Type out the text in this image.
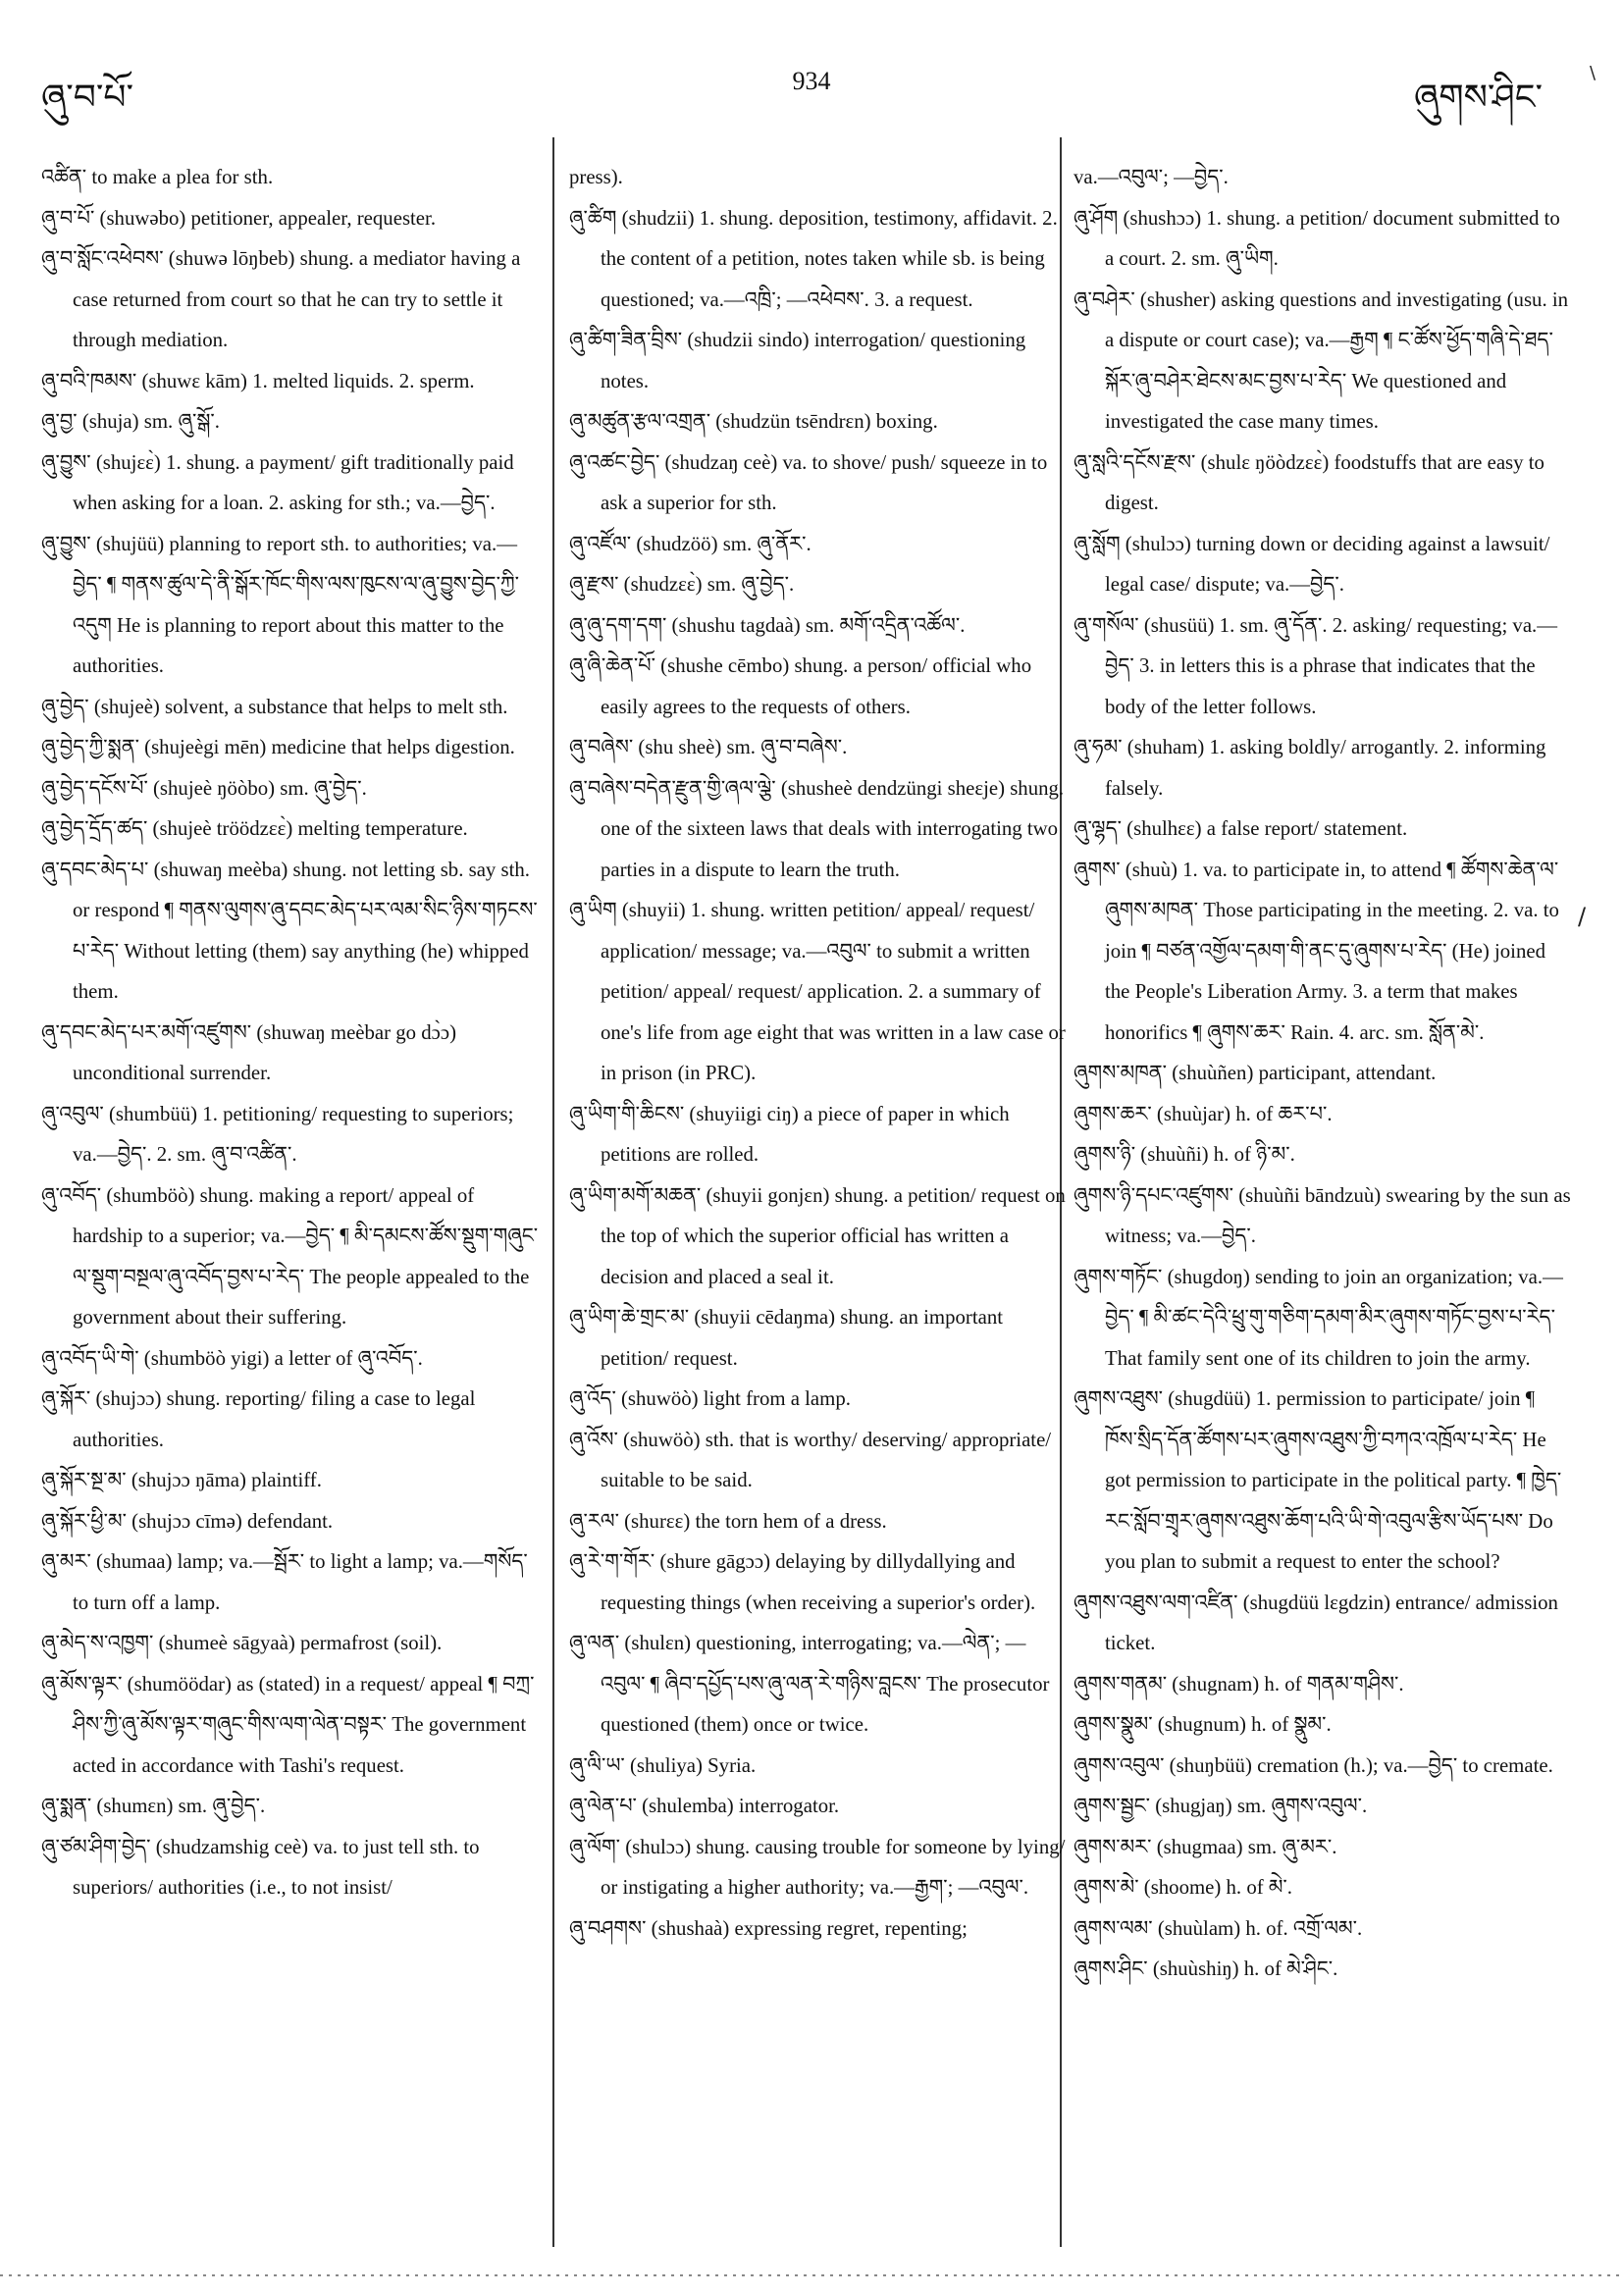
ཞུ་བ་པོ་	934	ཞུགས་ཤིང་
\

འཚིན་ to make a plea for sth.

ཞུ་བ་པོ་ (shuwəbo) petitioner, appealer, requester.

ཞུ་བ་སློང་འཕེབས་ (shuwə lōŋbeb) shung. a mediator having a case returned from court so that he can try to settle it through mediation.

ཞུ་བའི་ཁམས་ (shuwɛ kām) 1. melted liquids. 2. sperm.

ཞུ་བྱ་ (shuja) sm. ཞུ་སྒོ་.

ཞུ་བྱུས་ (shujɛɛ̀) 1. shung. a payment/ gift traditionally paid when asking for a loan. 2. asking for sth.; va.—བྱེད་.

ཞུ་བྱུས་ (shujüü) planning to report sth. to authorities; va.—བྱེད་ ¶ གནས་ཚུལ་དེ་ནི་སྒོར་ཁོང་གིས་ལས་ཁུངས་ལ་ཞུ་བྱུས་བྱེད་ཀྱི་འདུག He is planning to report about this matter to the authorities.

ཞུ་བྱེད་ (shujeè) solvent, a substance that helps to melt sth.

ཞུ་བྱེད་ཀྱི་སྨན་ (shujeègi mēn) medicine that helps digestion.

ཞུ་བྱེད་དངོས་པོ་ (shujeè ŋöòbo) sm. ཞུ་བྱེད་.

ཞུ་བྱེད་དྲོད་ཚད་ (shujeè tröödzɛɛ̀) melting temperature.

ཞུ་དབང་མེད་པ་ (shuwaŋ meèba) shung. not letting sb. say sth. or respond ¶ གནས་ལུགས་ཞུ་དབང་མེད་པར་ལམ་སིང་ཉིས་གཏངས་པ་རེད་ Without letting (them) say anything (he) whipped them.

ཞུ་དབང་མེད་པར་མགོ་འཛུགས་ (shuwaŋ meèbar go dɔ̀ɔ) unconditional surrender.

ཞུ་འབུལ་ (shumbüü) 1. petitioning/ requesting to superiors; va.—བྱེད་. 2. sm. ཞུ་བ་འཚིན་.

ཞུ་འབོད་ (shumböò) shung. making a report/ appeal of hardship to a superior; va.—བྱེད་ ¶ མི་དམངས་ཚོས་སྡུག་གཞུང་ལ་སྡུག་བསྔལ་ཞུ་འབོད་བྱས་པ་རེད་ The people appealed to the government about their suffering.

ཞུ་འབོད་ཡི་གེ་ (shumböò yigi) a letter of ཞུ་འབོད་.

ཞུ་སྐོར་ (shujɔɔ) shung. reporting/ filing a case to legal authorities.

ཞུ་སྐོར་སྔ་མ་ (shujɔɔ ŋāma) plaintiff.

ཞུ་སྐོར་ཕྱི་མ་ (shujɔɔ cīmə) defendant.

ཞུ་མར་ (shumaa) lamp; va.—སྦོར་ to light a lamp; va.—གསོད་ to turn off a lamp.

ཞུ་མེད་ས་འཁྱག་ (shumeè sāgyaà) permafrost (soil).

ཞུ་མོས་ལྟར་ (shumöödar) as (stated) in a request/ appeal ¶ བཀྲ་ཤིས་ཀྱི་ཞུ་མོས་ལྟར་གཞུང་གིས་ལག་ལེན་བསྟར་ The government acted in accordance with Tashi's request.

ཞུ་སྨན་ (shumɛn) sm. ཞུ་བྱེད་.

ཞུ་ཙམ་ཤིག་བྱེད་ (shudzamshig ceè) va. to just tell sth. to superiors/ authorities (i.e., to not insist/

press).

ཞུ་ཚིག (shudzii) 1. shung. deposition, testimony, affidavit. 2. the content of a petition, notes taken while sb. is being questioned; va.—འཁྲི་; —འཕེབས་. 3. a request.

ཞུ་ཚིག་ཟིན་བྲིས་ (shudzii sindo) interrogation/ questioning notes.

ཞུ་མཚུན་རྩལ་འགྲན་ (shudzün tsēndrɛn) boxing.

ཞུ་འཚང་བྱེད་ (shudzaŋ ceè) va. to shove/ push/ squeeze in to ask a superior for sth.

ཞུ་འཛོལ་ (shudzöö) sm. ཞུ་ནོར་.

ཞུ་རྫས་ (shudzɛɛ̀) sm. ཞུ་བྱེད་.

ཞུ་ཞུ་དག་དག་ (shushu tagdaà) sm. མགོ་འདྲིན་འཚོལ་.

ཞུ་ཞི་ཆེན་པོ་ (shushe cēmbo) shung. a person/ official who easily agrees to the requests of others.

ཞུ་བཞེས་ (shu sheè) sm. ཞུ་བ་བཞེས་.

ཞུ་བཞེས་བདེན་རྫུན་གྱི་ཞལ་ལྕེ་ (shusheè dendzüngi sheɛje) shung. one of the sixteen laws that deals with interrogating two parties in a dispute to learn the truth.

ཞུ་ཡིག (shuyii) 1. shung. written petition/ appeal/ request/ application/ message; va.—འབུལ་ to submit a written petition/ appeal/ request/ application. 2. a summary of one's life from age eight that was written in a law case or in prison (in PRC).

ཞུ་ཡིག་གི་ཆིངས་ (shuyiigi ciŋ) a piece of paper in which petitions are rolled.

ཞུ་ཡིག་མགོ་མཆན་ (shuyii gonjɛn) shung. a petition/ request on the top of which the superior official has written a decision and placed a seal it.

ཞུ་ཡིག་ཆེ་གྲང་མ་ (shuyii cēdaŋma) shung. an important petition/ request.

ཞུ་འོད་ (shuwöò) light from a lamp.

ཞུ་འོས་ (shuwöò) sth. that is worthy/ deserving/ appropriate/ suitable to be said.

ཞུ་རལ་ (shurɛɛ) the torn hem of a dress.

ཞུ་རེ་ག་གོར་ (shure gāgɔɔ) delaying by dillydallying and requesting things (when receiving a superior's order).

ཞུ་ལན་ (shulɛn) questioning, interrogating; va.—ལེན་; —འབུལ་ ¶ ཞིབ་དཔྱོད་པས་ཞུ་ལན་རེ་གཉིས་བླངས་ The prosecutor questioned (them) once or twice.

ཞུ་ལི་ཡ་ (shuliya) Syria.

ཞུ་ལེན་པ་ (shulemba) interrogator.

ཞུ་ལོག་ (shulɔɔ) shung. causing trouble for someone by lying/ or instigating a higher authority; va.—རྒྱག་; —འབུལ་.

ཞུ་བཤགས་ (shushaà) expressing regret, repenting;

va.—འབུལ་; —བྱེད་.

ཞུ་ཤོག (shushɔɔ) 1. shung. a petition/ document submitted to a court. 2. sm. ཞུ་ཡིག.

ཞུ་བཤེར་ (shusher) asking questions and investigating (usu. in a dispute or court case); va.—རྒྱག ¶ ང་ཚོས་ཕྱོད་གཞི་དེ་ཐད་སྐོར་ཞུ་བཤེར་ཐེངས་མང་བྱས་པ་རེད་ We questioned and investigated the case many times.

ཞུ་སླའི་དངོས་རྫས་ (shulɛ ŋöòdzɛɛ̀) foodstuffs that are easy to digest.

ཞུ་སློག (shulɔɔ) turning down or deciding against a lawsuit/ legal case/ dispute; va.—བྱེད་.

ཞུ་གསོལ་ (shusüü) 1. sm. ཞུ་དོན་. 2. asking/ requesting; va.—བྱེད་ 3. in letters this is a phrase that indicates that the body of the letter follows.

ཞུ་ཧམ་ (shuham) 1. asking boldly/ arrogantly. 2. informing falsely.

ཞུ་ལྷད་ (shulhɛɛ) a false report/ statement.

ཞུགས་ (shuù) 1. va. to participate in, to attend ¶ ཚོགས་ཆེན་ལ་ཞུགས་མཁན་ Those participating in the meeting. 2. va. to join ¶ བཙན་འགྱོལ་དམག་གི་ནང་དུ་ཞུགས་པ་རེད་ (He) joined the People's Liberation Army. 3. a term that makes honorifics ¶ ཞུགས་ཆར་ Rain. 4. arc. sm. སློན་མེ་.

ཞུགས་མཁན་ (shuùñen) participant, attendant.

ཞུགས་ཆར་ (shuùjar) h. of ཆར་པ་.

ཞུགས་ཉི་ (shuùñi) h. of ཉི་མ་.

ཞུགས་ཉི་དཔང་འཛུགས་ (shuùñi bāndzuù) swearing by the sun as witness; va.—བྱེད་.

ཞུགས་གཏོང་ (shugdoŋ) sending to join an organization; va.—བྱེད་ ¶ མི་ཚང་དེའི་ཕྲུ་གུ་གཅིག་དམག་མིར་ཞུགས་གཏོང་བྱས་པ་རེད་ That family sent one of its children to join the army.

ཞུགས་འཐུས་ (shugdüü) 1. permission to participate/ join ¶ ཁོས་སྲིད་དོན་ཚོགས་པར་ཞུགས་འཐུས་ཀྱི་བཀའ་འཁྲོལ་པ་རེད་ He got permission to participate in the political party. ¶ ཁྱེད་རང་སློབ་གྲྭར་ཞུགས་འཐུས་ཆོག་པའི་ཡི་གེ་འབུལ་རྩིས་ཡོད་པས་ Do you plan to submit a request to enter the school?

ཞུགས་འཐུས་ལག་འཛིན་ (shugdüü lɛgdzin) entrance/ admission ticket.

ཞུགས་གནམ་ (shugnam) h. of གནམ་གཤིས་.

ཞུགས་སྣུམ་ (shugnum) h. of སྣུམ་.

ཞུགས་འབུལ་ (shuŋbüü) cremation (h.); va.—བྱེད་ to cremate.

ཞུགས་སྦྱང་ (shugjaŋ) sm. ཞུགས་འབུལ་.

ཞུགས་མར་ (shugmaa) sm. ཞུ་མར་.

ཞུགས་མེ་ (shoome) h. of མེ་.

ཞུགས་ལམ་ (shuùlam) h. of. འགྲོ་ལམ་.

ཞུགས་ཤིང་ (shuùshiŋ) h. of མེ་ཤིང་.

/
